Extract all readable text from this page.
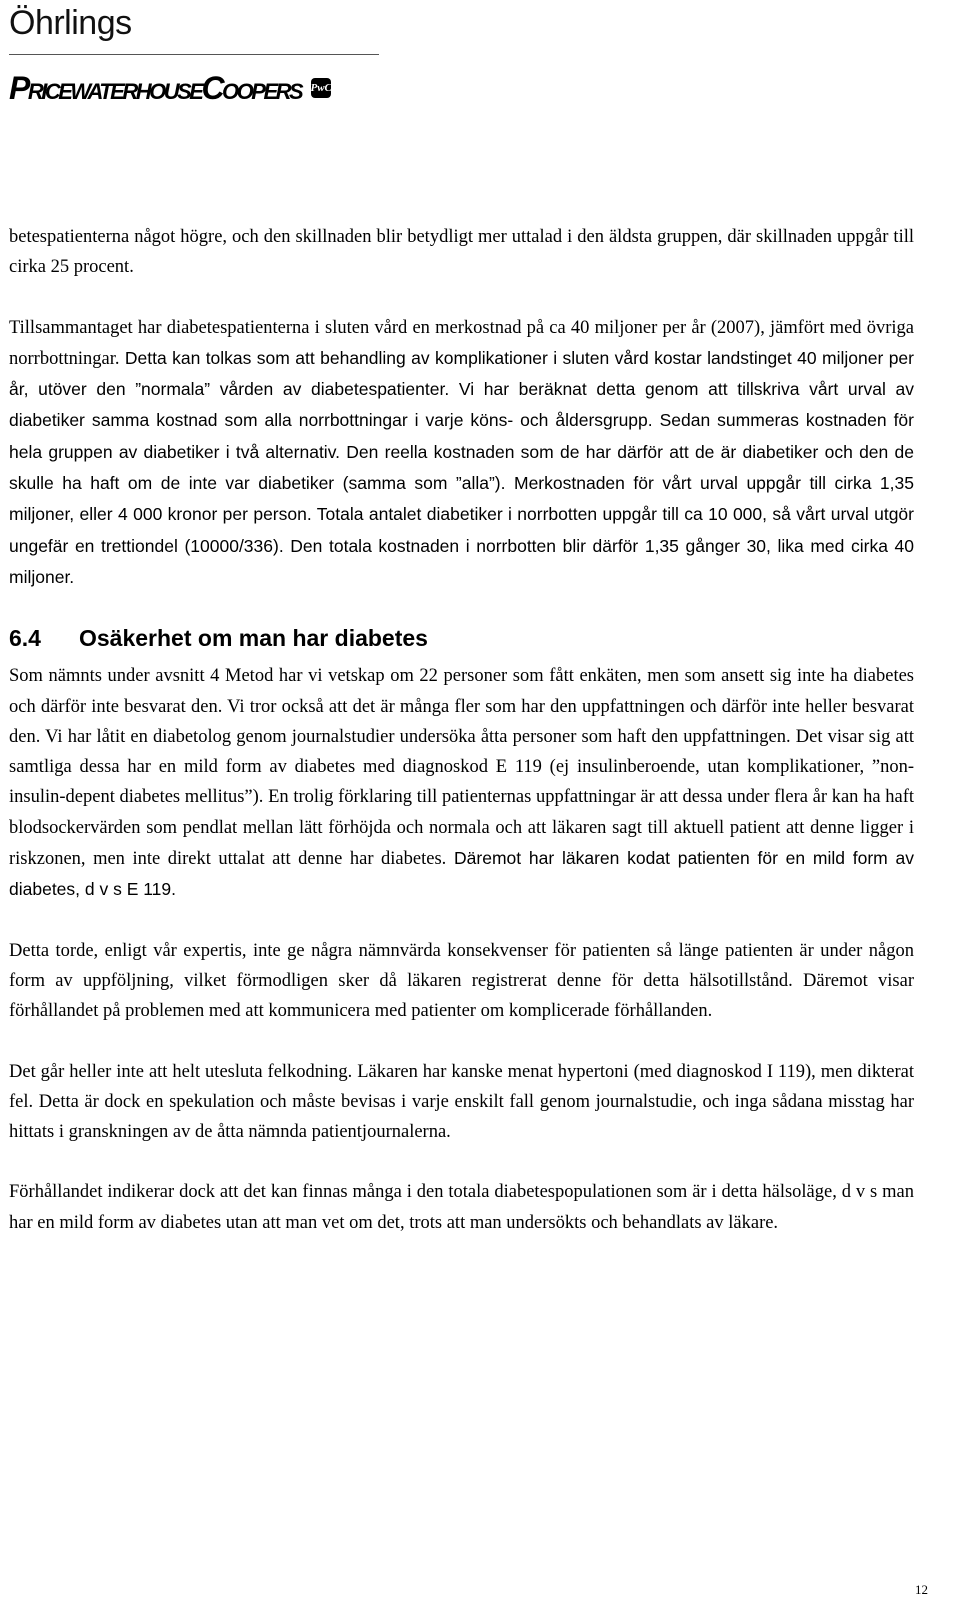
Öhrlings
PricewaterhouseCoopers PwC

betespatienterna något högre, och den skillnaden blir betydligt mer uttalad i den äldsta gruppen, där skillnaden uppgår till cirka 25 procent.

Tillsammantaget har diabetespatienterna i sluten vård en merkostnad på ca 40 miljoner per år (2007), jämfört med övriga norrbottningar. Detta kan tolkas som att behandling av komplikationer i sluten vård kostar landstinget 40 miljoner per år, utöver den ”normala” vården av diabetespatienter. Vi har beräknat detta genom att tillskriva vårt urval av diabetiker samma kostnad som alla norrbottningar i varje köns- och åldersgrupp. Sedan summeras kostnaden för hela gruppen av diabetiker i två alternativ. Den reella kostnaden som de har därför att de är diabetiker och den de skulle ha haft om de inte var diabetiker (samma som ”alla”). Merkostnaden för vårt urval uppgår till cirka 1,35 miljoner, eller 4 000 kronor per person. Totala antalet diabetiker i norrbotten uppgår till ca 10 000, så vårt urval utgör ungefär en trettiondel (10000/336). Den totala kostnaden i norrbotten blir därför 1,35 gånger 30, lika med cirka 40 miljoner.

6.4	Osäkerhet om man har diabetes

Som nämnts under avsnitt 4 Metod har vi vetskap om 22 personer som fått enkäten, men som ansett sig inte ha diabetes och därför inte besvarat den. Vi tror också att det är många fler som har den uppfattningen och därför inte heller besvarat den. Vi har låtit en diabetolog genom journalstudier undersöka åtta personer som haft den uppfattningen. Det visar sig att samtliga dessa har en mild form av diabetes med diagnoskod E 119 (ej insulinberoende, utan komplikationer, ”non-insulin-depent diabetes mellitus”). En trolig förklaring till patienternas uppfattningar är att dessa under flera år kan ha haft blodsockervärden som pendlat mellan lätt förhöjda och normala och att läkaren sagt till aktuell patient att denne ligger i riskzonen, men inte direkt uttalat att denne har diabetes. Däremot har läkaren kodat patienten för en mild form av diabetes, d v s E 119.

Detta torde, enligt vår expertis, inte ge några nämnvärda konsekvenser för patienten så länge patienten är under någon form av uppföljning, vilket förmodligen sker då läkaren registrerat denne för detta hälsotillstånd. Däremot visar förhållandet på problemen med att kommunicera med patienter om komplicerade förhållanden.

Det går heller inte att helt utesluta felkodning. Läkaren har kanske menat hypertoni (med diagnoskod I 119), men dikterat fel. Detta är dock en spekulation och måste bevisas i varje enskilt fall genom journalstudie, och inga sådana misstag har hittats i granskningen av de åtta nämnda patientjournalerna.

Förhållandet indikerar dock att det kan finnas många i den totala diabetespopulationen som är i detta hälsoläge, d v s man har en mild form av diabetes utan att man vet om det, trots att man undersökts och behandlats av läkare.

12
